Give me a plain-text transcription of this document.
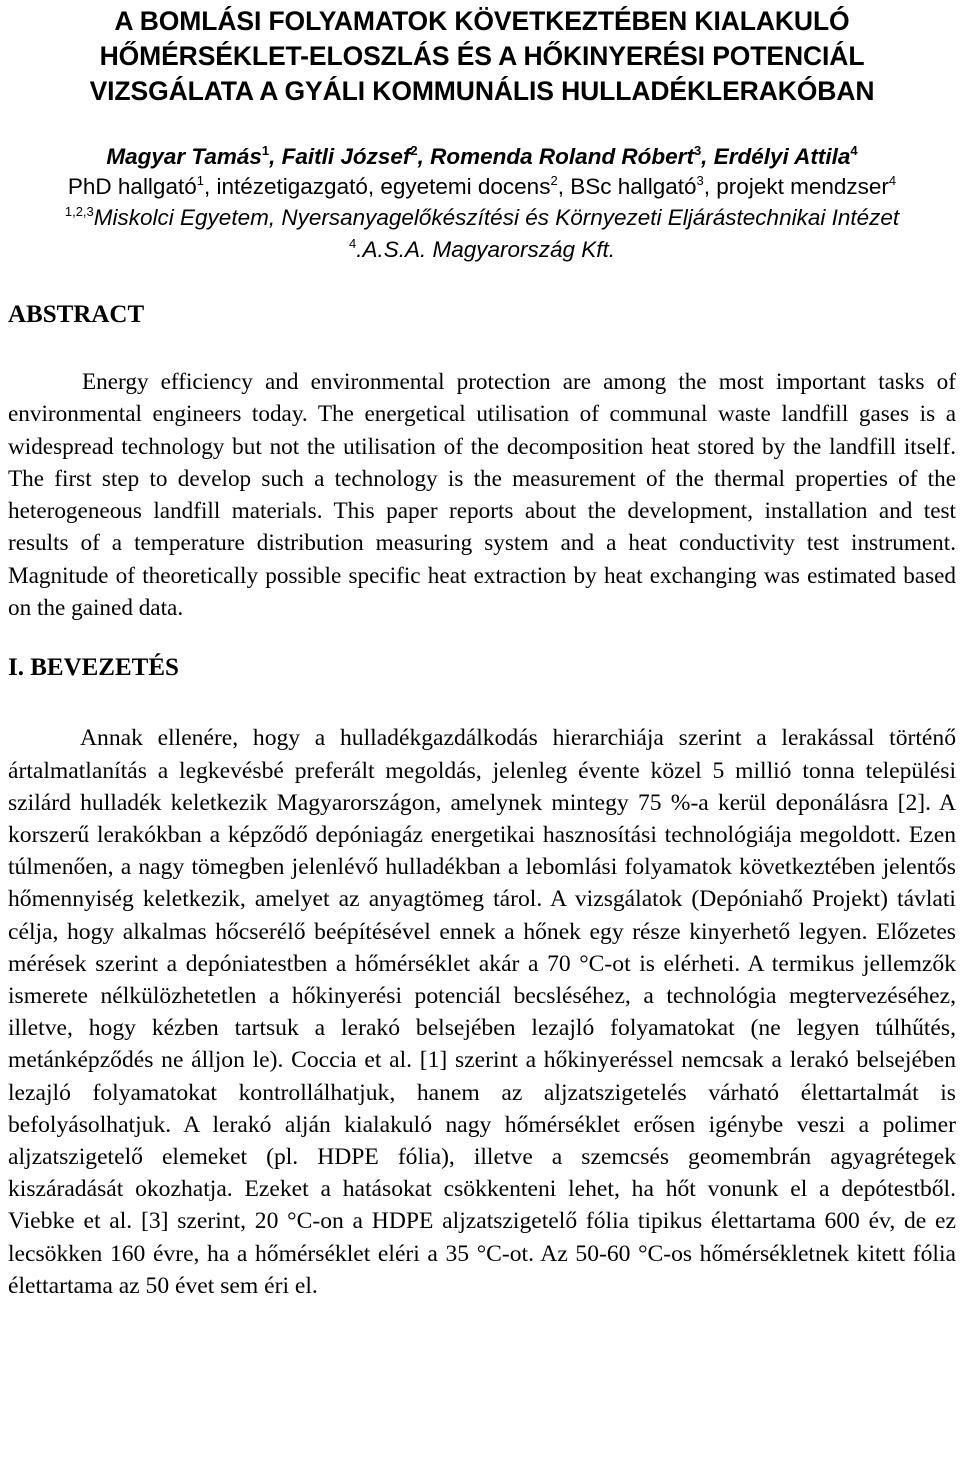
A BOMLÁSI FOLYAMATOK KÖVETKEZTÉBEN KIALAKULÓ
HŐMÉRSÉKLET-ELOSZLÁS ÉS A HŐKINYERÉSI POTENCIÁL
VIZSGÁLATA A GYÁLI KOMMUNÁLIS HULLADÉKLERAKÓBAN
Magyar Tamás$^1$, Faitli József$^2$, Romenda Roland Róbert$^3$, Erdélyi Attila$^4$
PhD hallgató$^1$, intézetigazgató, egyetemi docens$^2$, BSc hallgató$^3$, projekt mendzser$^4$
$^{1,2,3}$Miskolci Egyetem, Nyersanyagelőkészítési és Környezeti Eljárástechnikai Intézet
$^4$.A.S.A. Magyarország Kft.
ABSTRACT
Energy efficiency and environmental protection are among the most important tasks of environmental engineers today. The energetical utilisation of communal waste landfill gases is a widespread technology but not the utilisation of the decomposition heat stored by the landfill itself. The first step to develop such a technology is the measurement of the thermal properties of the heterogeneous landfill materials. This paper reports about the development, installation and test results of a temperature distribution measuring system and a heat conductivity test instrument. Magnitude of theoretically possible specific heat extraction by heat exchanging was estimated based on the gained data.
I. BEVEZETÉS
Annak ellenére, hogy a hulladékgazdálkodás hierarchiája szerint a lerakással történő ártalmatlanítás a legkevésbé preferált megoldás, jelenleg évente közel 5 millió tonna települési szilárd hulladék keletkezik Magyarországon, amelynek mintegy 75 %-a kerül deponálásra [2]. A korszerű lerakókban a képződő depóniagáz energetikai hasznosítási technológiája megoldott. Ezen túlmenően, a nagy tömegben jelenlévő hulladékban a lebomlási folyamatok következtében jelentős hőmennyiség keletkezik, amelyet az anyagtömeg tárol. A vizsgálatok (Depóniahő Projekt) távlati célja, hogy alkalmas hőcserélő beépítésével ennek a hőnek egy része kinyerhető legyen. Előzetes mérések szerint a depóniatestben a hőmérséklet akár a 70 °C-ot is elérheti. A termikus jellemzők ismerete nélkülözhetetlen a hőkinyerési potenciál becsléséhez, a technológia megtervezéséhez, illetve, hogy kézben tartsuk a lerakó belsejében lezajló folyamatokat (ne legyen túlhűtés, metánképződés ne álljon le). Coccia et al. [1] szerint a hőkinyeréssel nemcsak a lerakó belsejében lezajló folyamatokat kontrollálhatjuk, hanem az aljzatszigetelés várható élettartalmát is befolyásolhatjuk. A lerakó alján kialakuló nagy hőmérséklet erősen igénybe veszi a polimer aljzatszigetelő elemeket (pl. HDPE fólia), illetve a szemcsés geomembrán agyagrétegek kiszáradását okozhatja. Ezeket a hatásokat csökkenteni lehet, ha hőt vonunk el a depótestből. Viebke et al. [3] szerint, 20 °C-on a HDPE aljzatszigetelő fólia tipikus élettartama 600 év, de ez lecsökken 160 évre, ha a hőmérséklet eléri a 35 °C-ot. Az 50-60 °C-os hőmérsékletnek kitett fólia élettartama az 50 évet sem éri el.
